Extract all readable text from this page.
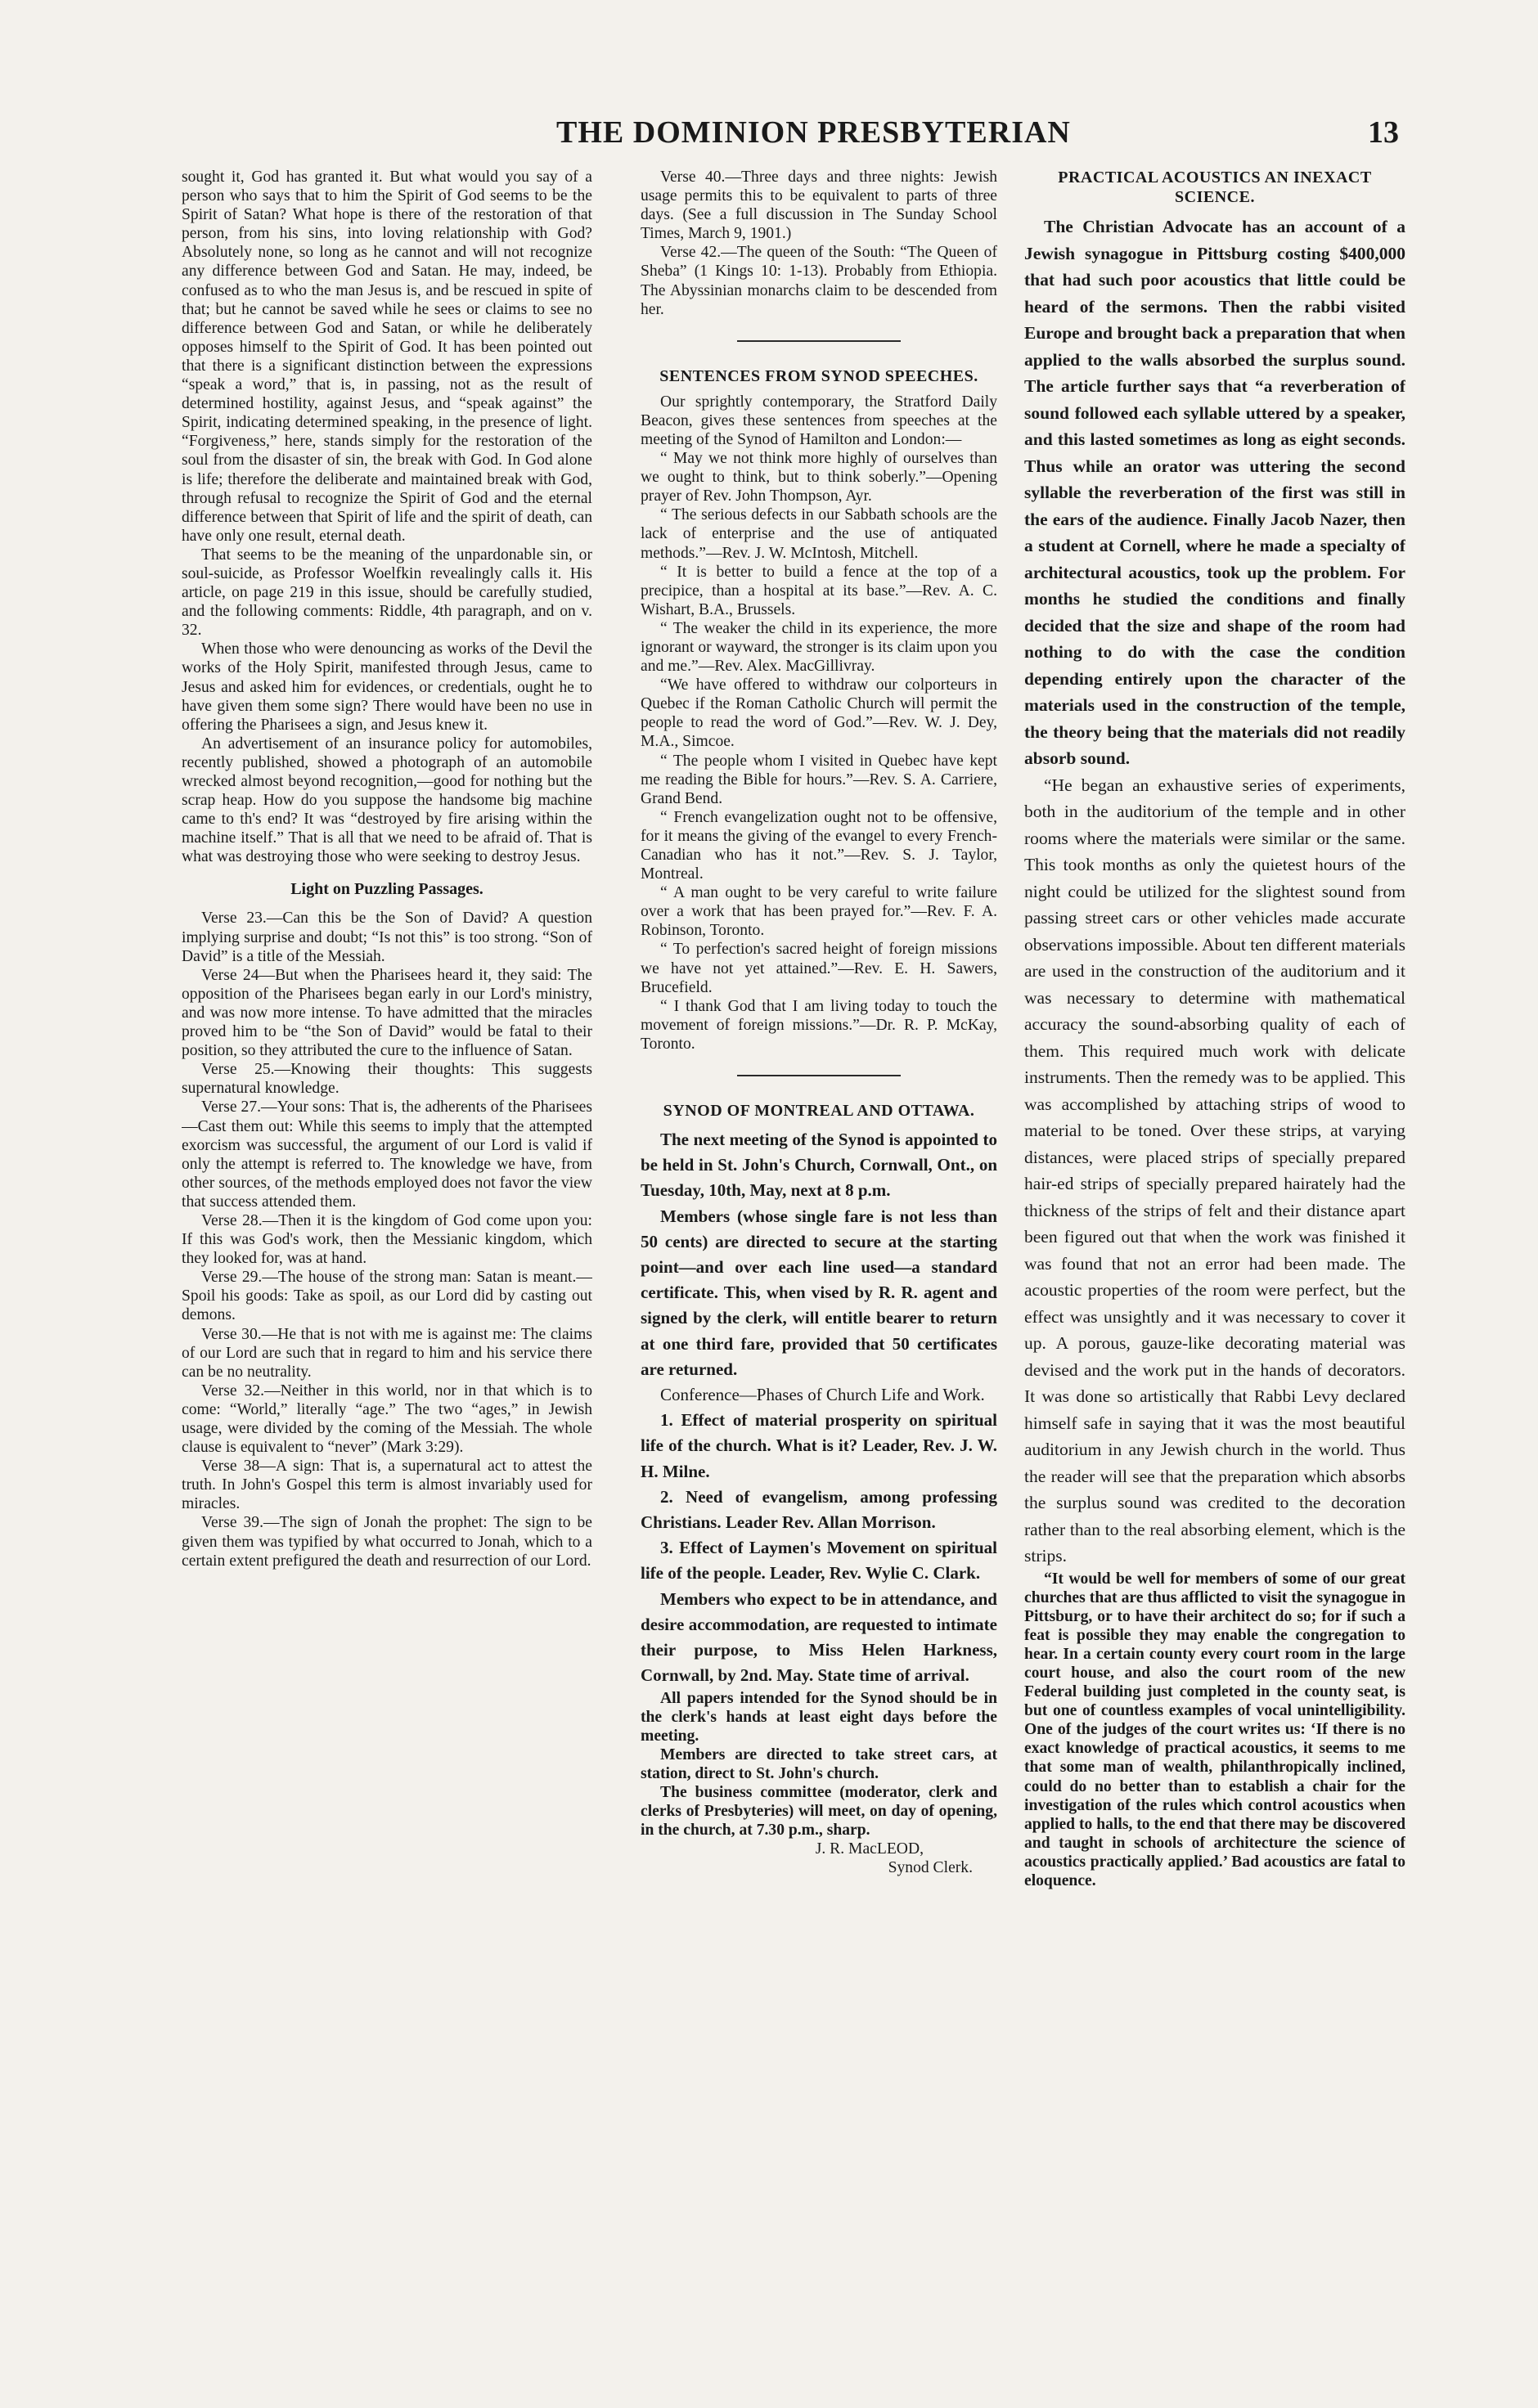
THE DOMINION PRESBYTERIAN	13

sought it, God has granted it. But what would you say of a person who says that to him the Spirit of God seems to be the Spirit of Satan? What hope is there of the restoration of that person, from his sins, into loving relationship with God? Absolutely none, so long as he cannot and will not recognize any difference between God and Satan. He may, indeed, be confused as to who the man Jesus is, and be rescued in spite of that; but he cannot be saved while he sees or claims to see no difference between God and Satan, or while he deliberately opposes himself to the Spirit of God. It has been pointed out that there is a significant distinction between the expressions “speak a word,” that is, in passing, not as the result of determined hostility, against Jesus, and “speak against” the Spirit, indicating determined speaking, in the presence of light. “Forgiveness,” here, stands simply for the restoration of the soul from the disaster of sin, the break with God. In God alone is life; therefore the deliberate and maintained break with God, through refusal to recognize the Spirit of God and the eternal difference between that Spirit of life and the spirit of death, can have only one result, eternal death.

That seems to be the meaning of the unpardonable sin, or soul-suicide, as Professor Woelfkin revealingly calls it. His article, on page 219 in this issue, should be carefully studied, and the following comments: Riddle, 4th paragraph, and on v. 32.

When those who were denouncing as works of the Devil the works of the Holy Spirit, manifested through Jesus, came to Jesus and asked him for evidences, or credentials, ought he to have given them some sign? There would have been no use in offering the Pharisees a sign, and Jesus knew it.

An advertisement of an insurance policy for automobiles, recently published, showed a photograph of an automobile wrecked almost beyond recognition,—good for nothing but the scrap heap. How do you suppose the handsome big machine came to th's end? It was “destroyed by fire arising within the machine itself.” That is all that we need to be afraid of. That is what was destroying those who were seeking to destroy Jesus.

Light on Puzzling Passages.

Verse 23.—Can this be the Son of David? A question implying surprise and doubt; “Is not this” is too strong. “Son of David” is a title of the Messiah.

Verse 24—But when the Pharisees heard it, they said: The opposition of the Pharisees began early in our Lord's ministry, and was now more intense. To have admitted that the miracles proved him to be “the Son of David” would be fatal to their position, so they attributed the cure to the influence of Satan.

Verse 25.—Knowing their thoughts: This suggests supernatural knowledge.

Verse 27.—Your sons: That is, the adherents of the Pharisees—Cast them out: While this seems to imply that the attempted exorcism was successful, the argument of our Lord is valid if only the attempt is referred to. The knowledge we have, from other sources, of the methods employed does not favor the view that success attended them.

Verse 28.—Then it is the kingdom of God come upon you: If this was God's work, then the Messianic kingdom, which they looked for, was at hand.

Verse 29.—The house of the strong man: Satan is meant.—Spoil his goods: Take as spoil, as our Lord did by casting out demons.

Verse 30.—He that is not with me is against me: The claims of our Lord are such that in regard to him and his service there can be no neutrality.

Verse 32.—Neither in this world, nor in that which is to come: “World,” literally “age.” The two “ages,” in Jewish usage, were divided by the coming of the Messiah. The whole clause is equivalent to “never” (Mark 3:29).

Verse 38—A sign: That is, a supernatural act to attest the truth. In John's Gospel this term is almost invariably used for miracles.

Verse 39.—The sign of Jonah the prophet: The sign to be given them was typified by what occurred to Jonah, which to a certain extent prefigured the death and resurrection of our Lord.

Verse 40.—Three days and three nights: Jewish usage permits this to be equivalent to parts of three days. (See a full discussion in The Sunday School Times, March 9, 1901.)

Verse 42.—The queen of the South: “The Queen of Sheba” (1 Kings 10: 1-13). Probably from Ethiopia. The Abyssinian monarchs claim to be descended from her.

SENTENCES FROM SYNOD SPEECHES.

Our sprightly contemporary, the Stratford Daily Beacon, gives these sentences from speeches at the meeting of the Synod of Hamilton and London:—

“ May we not think more highly of ourselves than we ought to think, but to think soberly.”—Opening prayer of Rev. John Thompson, Ayr.

“ The serious defects in our Sabbath schools are the lack of enterprise and the use of antiquated methods.”—Rev. J. W. McIntosh, Mitchell.

“ It is better to build a fence at the top of a precipice, than a hospital at its base.”—Rev. A. C. Wishart, B.A., Brussels.

“ The weaker the child in its experience, the more ignorant or wayward, the stronger is its claim upon you and me.”—Rev. Alex. MacGillivray.

“We have offered to withdraw our colporteurs in Quebec if the Roman Catholic Church will permit the people to read the word of God.”—Rev. W. J. Dey, M.A., Simcoe.

“ The people whom I visited in Quebec have kept me reading the Bible for hours.”—Rev. S. A. Carriere, Grand Bend.

“ French evangelization ought not to be offensive, for it means the giving of the evangel to every French-Canadian who has it not.”—Rev. S. J. Taylor, Montreal.

“ A man ought to be very careful to write failure over a work that has been prayed for.”—Rev. F. A. Robinson, Toronto.

“ To perfection's sacred height of foreign missions we have not yet attained.”—Rev. E. H. Sawers, Brucefield.

“ I thank God that I am living today to touch the movement of foreign missions.”—Dr. R. P. McKay, Toronto.

SYNOD OF MONTREAL AND OTTAWA.

The next meeting of the Synod is appointed to be held in St. John's Church, Cornwall, Ont., on Tuesday, 10th, May, next at 8 p.m.

Members (whose single fare is not less than 50 cents) are directed to secure at the starting point—and over each line used—a standard certificate. This, when vised by R. R. agent and signed by the clerk, will entitle bearer to return at one third fare, provided that 50 certificates are returned.

Conference—Phases of Church Life and Work.

1. Effect of material prosperity on spiritual life of the church. What is it? Leader, Rev. J. W. H. Milne.

2. Need of evangelism, among professing Christians. Leader Rev. Allan Morrison.

3. Effect of Laymen's Movement on spiritual life of the people. Leader, Rev. Wylie C. Clark.

Members who expect to be in attendance, and desire accommodation, are requested to intimate their purpose, to Miss Helen Harkness, Cornwall, by 2nd. May. State time of arrival.

All papers intended for the Synod should be in the clerk's hands at least eight days before the meeting.

Members are directed to take street cars, at station, direct to St. John's church.

The business committee (moderator, clerk and clerks of Presbyteries) will meet, on day of opening, in the church, at 7.30 p.m., sharp.

J. R. MacLEOD,

Synod Clerk.

PRACTICAL ACOUSTICS AN INEXACT SCIENCE.

The Christian Advocate has an account of a Jewish synagogue in Pittsburg costing $400,000 that had such poor acoustics that little could be heard of the sermons. Then the rabbi visited Europe and brought back a preparation that when applied to the walls absorbed the surplus sound. The article further says that “a reverberation of sound followed each syllable uttered by a speaker, and this lasted sometimes as long as eight seconds. Thus while an orator was uttering the second syllable the reverberation of the first was still in the ears of the audience. Finally Jacob Nazer, then a student at Cornell, where he made a specialty of architectural acoustics, took up the problem. For months he studied the conditions and finally decided that the size and shape of the room had nothing to do with the case the condition depending entirely upon the character of the materials used in the construction of the temple, the theory being that the materials did not readily absorb sound.

“He began an exhaustive series of experiments, both in the auditorium of the temple and in other rooms where the materials were similar or the same. This took months as only the quietest hours of the night could be utilized for the slightest sound from passing street cars or other vehicles made accurate observations impossible. About ten different materials are used in the construction of the auditorium and it was necessary to determine with mathematical accuracy the sound-absorbing quality of each of them. This required much work with delicate instruments. Then the remedy was to be applied. This was accomplished by attaching strips of wood to material to be toned. Over these strips, at varying distances, were placed strips of specially prepared hair-ed strips of specially prepared hairately had the thickness of the strips of felt and their distance apart been figured out that when the work was finished it was found that not an error had been made. The acoustic properties of the room were perfect, but the effect was unsightly and it was necessary to cover it up. A porous, gauze-like decorating material was devised and the work put in the hands of decorators. It was done so artistically that Rabbi Levy declared himself safe in saying that it was the most beautiful auditorium in any Jewish church in the world. Thus the reader will see that the preparation which absorbs the surplus sound was credited to the decoration rather than to the real absorbing element, which is the strips.

“It would be well for members of some of our great churches that are thus afflicted to visit the synagogue in Pittsburg, or to have their architect do so; for if such a feat is possible they may enable the congregation to hear. In a certain county every court room in the large court house, and also the court room of the new Federal building just completed in the county seat, is but one of countless examples of vocal unintelligibility. One of the judges of the court writes us: ‘If there is no exact knowledge of practical acoustics, it seems to me that some man of wealth, philanthropically inclined, could do no better than to establish a chair for the investigation of the rules which control acoustics when applied to halls, to the end that there may be discovered and taught in schools of architecture the science of acoustics practically applied.’ Bad acoustics are fatal to eloquence.
